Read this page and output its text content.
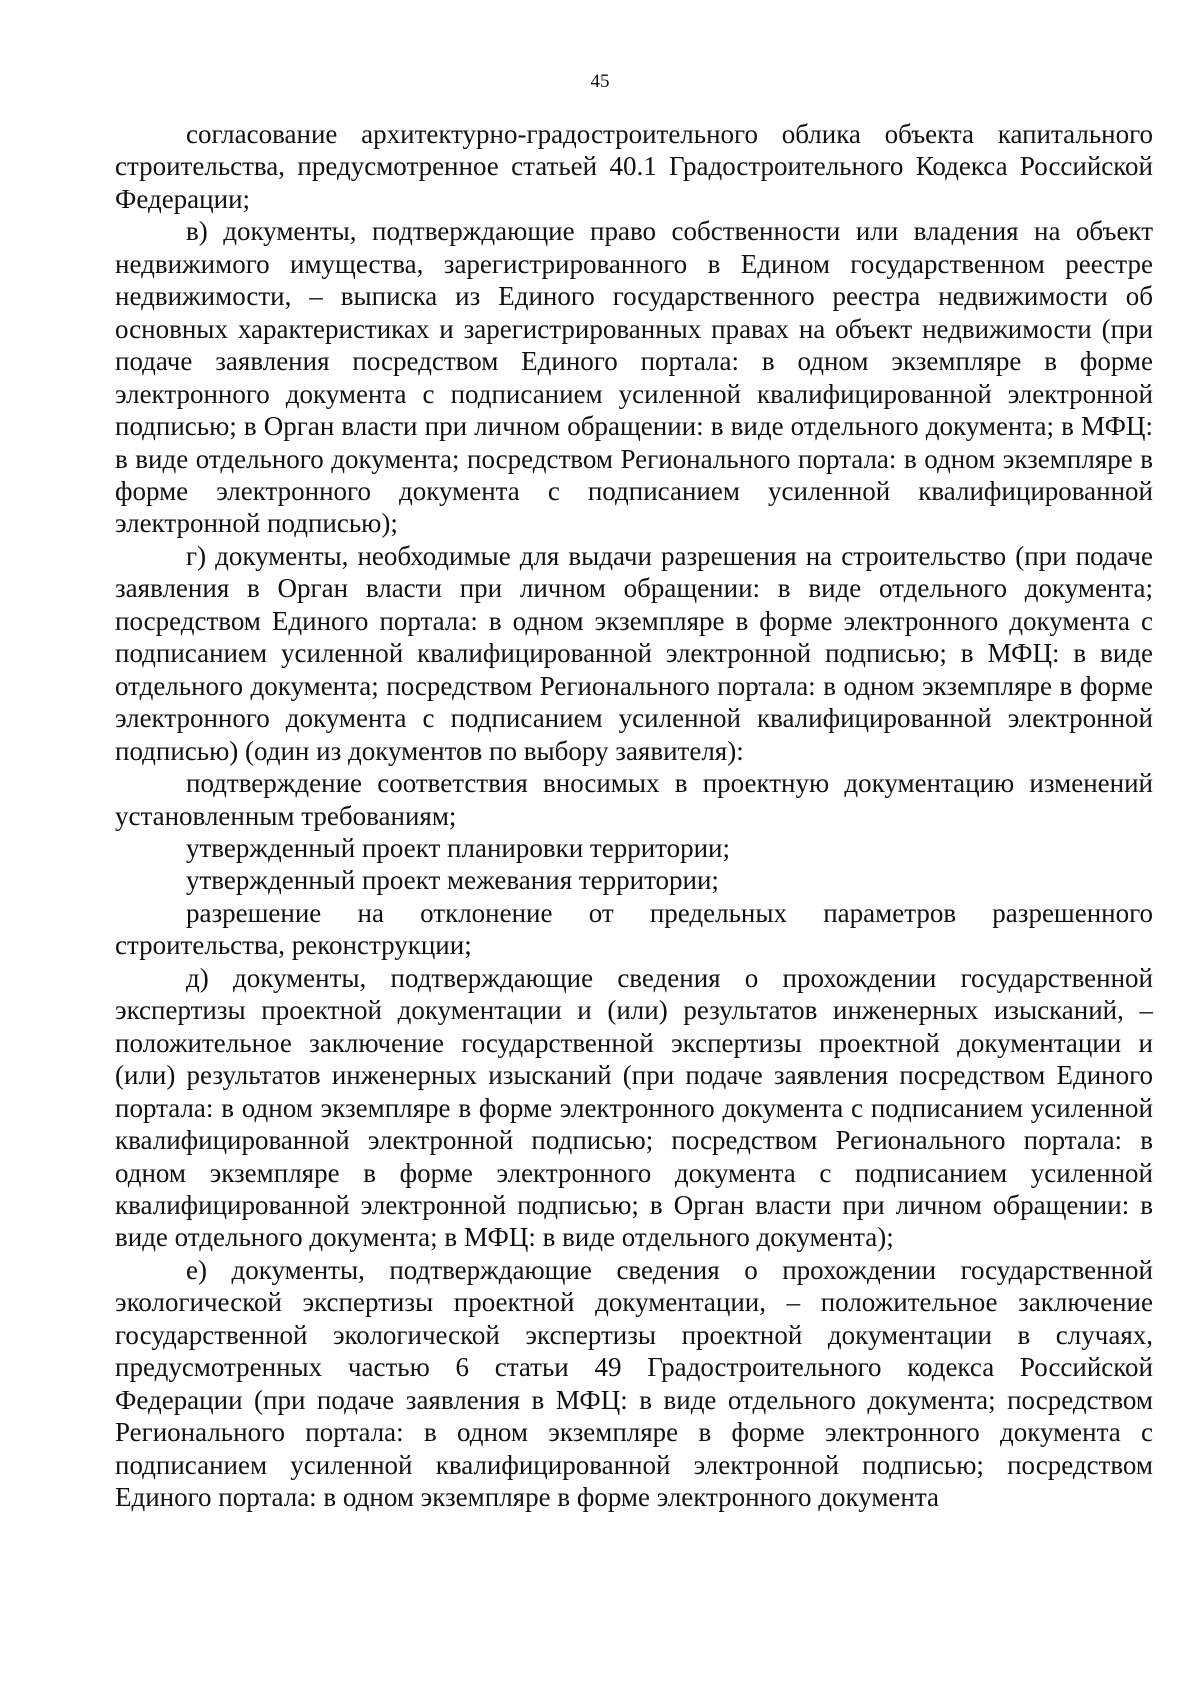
45

согласование архитектурно-градостроительного облика объекта капитального строительства, предусмотренное статьей 40.1 Градостроительного Кодекса Российской Федерации;

в) документы, подтверждающие право собственности или владения на объект недвижимого имущества, зарегистрированного в Едином государственном реестре недвижимости, – выписка из Единого государственного реестра недвижимости об основных характеристиках и зарегистрированных правах на объект недвижимости (при подаче заявления посредством Единого портала: в одном экземпляре в форме электронного документа с подписанием усиленной квалифицированной электронной подписью; в Орган власти при личном обращении: в виде отдельного документа; в МФЦ: в виде отдельного документа; посредством Регионального портала: в одном экземпляре в форме электронного документа с подписанием усиленной квалифицированной электронной подписью);

г) документы, необходимые для выдачи разрешения на строительство (при подаче заявления в Орган власти при личном обращении: в виде отдельного документа; посредством Единого портала: в одном экземпляре в форме электронного документа с подписанием усиленной квалифицированной электронной подписью; в МФЦ: в виде отдельного документа; посредством Регионального портала: в одном экземпляре в форме электронного документа с подписанием усиленной квалифицированной электронной подписью) (один из документов по выбору заявителя):

подтверждение соответствия вносимых в проектную документацию изменений установленным требованиям;

утвержденный проект планировки территории;

утвержденный проект межевания территории;

разрешение на отклонение от предельных параметров разрешенного строительства, реконструкции;

д) документы, подтверждающие сведения о прохождении государственной экспертизы проектной документации и (или) результатов инженерных изысканий, – положительное заключение государственной экспертизы проектной документации и (или) результатов инженерных изысканий (при подаче заявления посредством Единого портала: в одном экземпляре в форме электронного документа с подписанием усиленной квалифицированной электронной подписью; посредством Регионального портала: в одном экземпляре в форме электронного документа с подписанием усиленной квалифицированной электронной подписью; в Орган власти при личном обращении: в виде отдельного документа; в МФЦ: в виде отдельного документа);

е) документы, подтверждающие сведения о прохождении государственной экологической экспертизы проектной документации, – положительное заключение государственной экологической экспертизы проектной документации в случаях, предусмотренных частью 6 статьи 49 Градостроительного кодекса Российской Федерации (при подаче заявления в МФЦ: в виде отдельного документа; посредством Регионального портала: в одном экземпляре в форме электронного документа с подписанием усиленной квалифицированной электронной подписью; посредством Единого портала: в одном экземпляре в форме электронного документа
